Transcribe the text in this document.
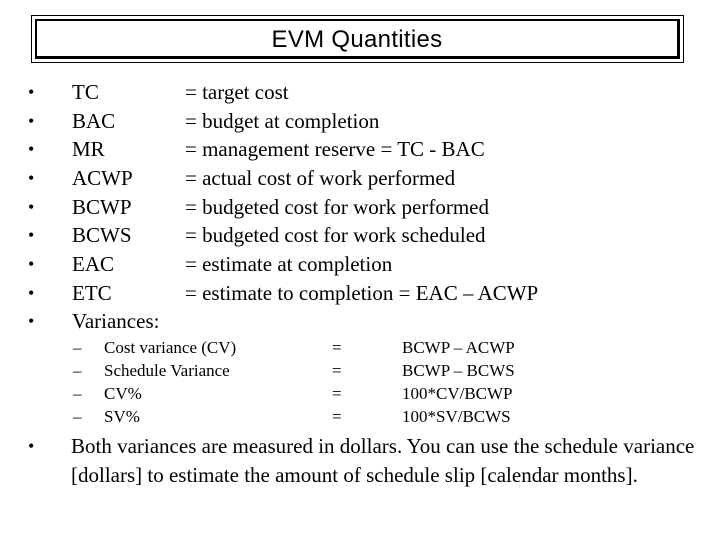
EVM Quantities
•	TC	= target cost
•	BAC	= budget at completion
•	MR	= management reserve = TC - BAC
•	ACWP = actual cost of work performed
•	BCWP	= budgeted cost for work performed
•	BCWS	= budgeted cost for work scheduled
•	EAC	= estimate at completion
•	ETC	= estimate to completion = EAC – ACWP
•	Variances:
– Cost variance (CV)	=	BCWP – ACWP
– Schedule Variance	=	BCWP – BCWS
– CV%	=	100*CV/BCWP
– SV%	=	100*SV/BCWS
•	Both variances are measured in dollars. You can use the schedule variance [dollars] to estimate the amount of schedule slip [calendar months].
